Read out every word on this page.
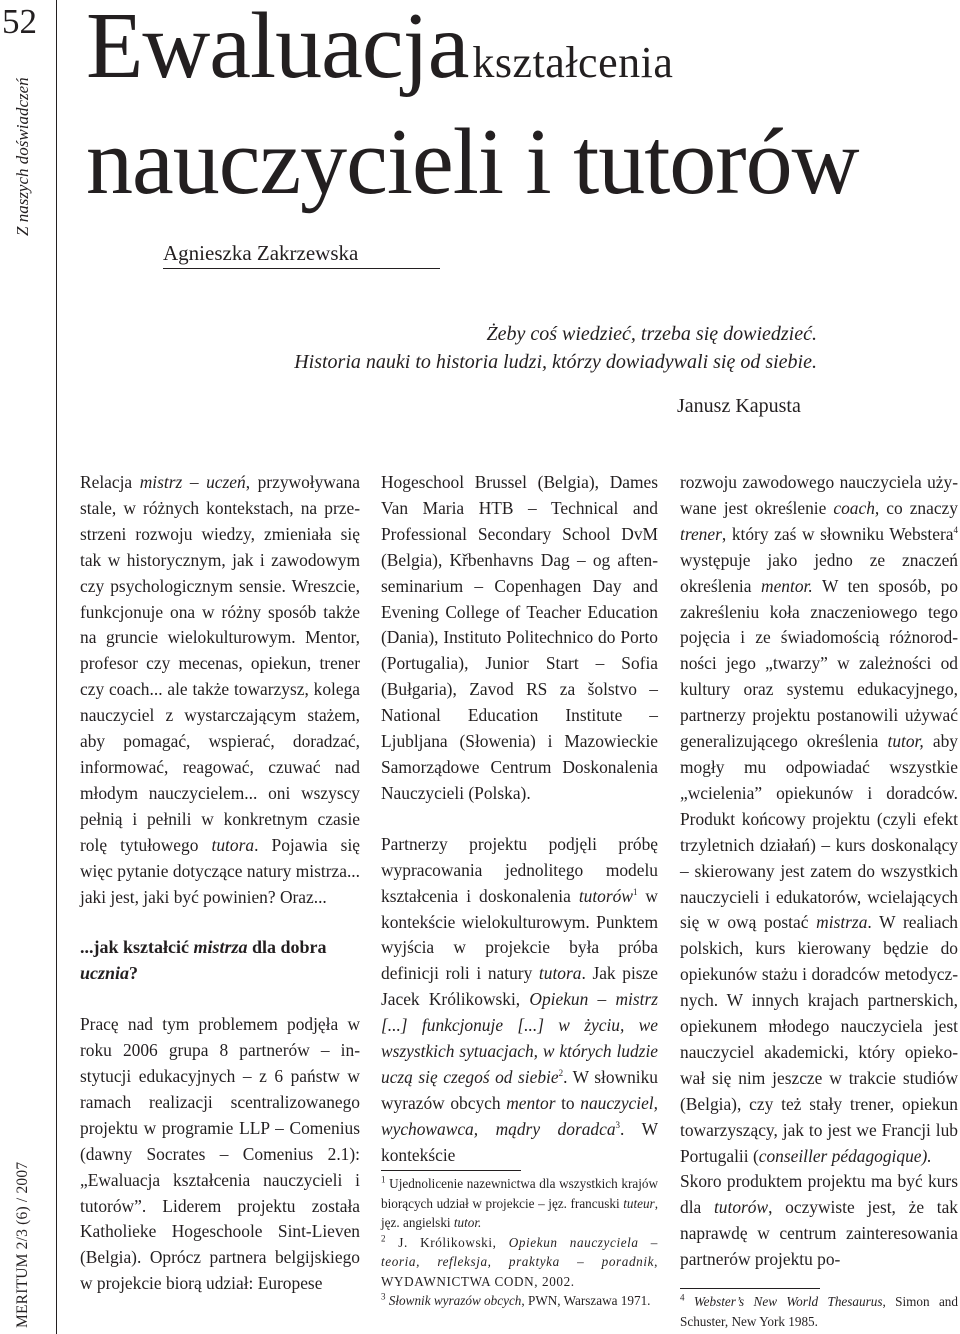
52
Z naszych doświadczeń
MERITUM 2/3 (6) / 2007
Ewaluacja kształcenia
nauczycieli i tutorów
Agnieszka Zakrzewska
Żeby coś wiedzieć, trzeba się dowiedzieć.
Historia nauki to historia ludzi, którzy dowiadywali się od siebie.
Janusz Kapusta

Relacja mistrz – uczeń, przywoływana stale, w różnych kontekstach, na przestrzeni rozwoju wiedzy, zmieniała się tak w historycznym, jak i zawodowym czy psychologicznym sensie. Wreszcie, funkcjonuje ona w różny sposób także na gruncie wielokulturowym. Mentor, profesor czy mecenas, opiekun, trener czy coach... ale także towarzysz, kolega nauczyciel z wystarczającym stażem, aby pomagać, wspierać, doradzać, informować, reagować, czuwać nad młodym nauczycielem... oni wszyscy pełnią i pełnili w konkretnym czasie rolę tytułowego tutora. Pojawia się więc pytanie dotyczące natury mistrza... jaki jest, jaki być powinien? Oraz...

...jak kształcić mistrza dla dobra ucznia?

Pracę nad tym problemem podjęła w roku 2006 grupa 8 partnerów – instytucji edukacyjnych – z 6 państw w ramach realizacji scentralizowanego projektu w programie LLP – Comenius (dawny Socrates – Comenius 2.1): „Ewaluacja kształcenia nauczycieli i tutorów”. Liderem projektu została Katholieke Hogeschoole Sint-Lieven (Belgia). Oprócz partnera belgijskiego w projekcie biorą udział: Europese

Hogeschool Brussel (Belgia), Dames Van Maria HTB – Technical and Professional Secondary School DvM (Belgia), Křbenhavns Dag – og aftenseminarium – Copenhagen Day and Evening College of Teacher Education (Dania), Instituto Politechnico do Porto (Portugalia), Junior Start – Sofia (Bułgaria), Zavod RS za šolstvo – National Education Institute – Ljubljana (Słowenia) i Mazowieckie Samorządowe Centrum Doskonalenia Nauczycieli (Polska).

Partnerzy projektu podjęli próbę wypracowania jednolitego modelu kształcenia i doskonalenia tutorów$^1$ w kontekście wielokulturowym. Punktem wyjścia w projekcie była próba definicji roli i natury tutora. Jak pisze Jacek Królikowski, Opiekun – mistrz [...] funkcjonuje [...] w życiu, we wszystkich sytuacjach, w których ludzie uczą się czegoś od siebie$^2$. W słowniku wyrazów obcych mentor to nauczyciel, wychowawca, mądry doradca$^3$. W kontekście

rozwoju zawodowego nauczyciela używane jest określenie coach, co znaczy trener, który zaś w słowniku Webstera$^4$ występuje jako jedno ze znaczeń określenia mentor. W ten sposób, po zakreśleniu koła znaczeniowego tego pojęcia i ze świadomością różnorodności jego „twarzy” w zależności od kultury oraz systemu edukacyjnego, partnerzy projektu postanowili używać generalizującego określenia tutor, aby mogły mu odpowiadać wszystkie „wcielenia” opiekunów i doradców. Produkt końcowy projektu (czyli efekt trzyletnich działań) – kurs doskonalący – skierowany jest zatem do wszystkich nauczycieli i edukatorów, wcielających się w ową postać mistrza. W realiach polskich, kurs kierowany będzie do opiekunów stażu i doradców metodycznych. W innych krajach partnerskich, opiekunem młodego nauczyciela jest nauczyciel akademicki, który opiekował się nim jeszcze w trakcie studiów (Belgia), czy też stały trener, opiekun towarzyszący, jak to jest we Francji lub Portugalii (conseiller pédagogique).

Skoro produktem projektu ma być kurs dla tutorów, oczywiste jest, że tak naprawdę w centrum zainteresowania partnerów projektu po-

$^1$ Ujednolicenie nazewnictwa dla wszystkich krajów biorących udział w projekcie – jęz. francuski tuteur, jęz. angielski tutor.

$^2$ J. Królikowski, Opiekun nauczyciela – teoria, refleksja, praktyka – poradnik, WYDAWNICTWA CODN, 2002.

$^3$ Słownik wyrazów obcych, PWN, Warszawa 1971.	$^4$ Webster’s New World Thesaurus, Simon and Schuster, New York 1985.
